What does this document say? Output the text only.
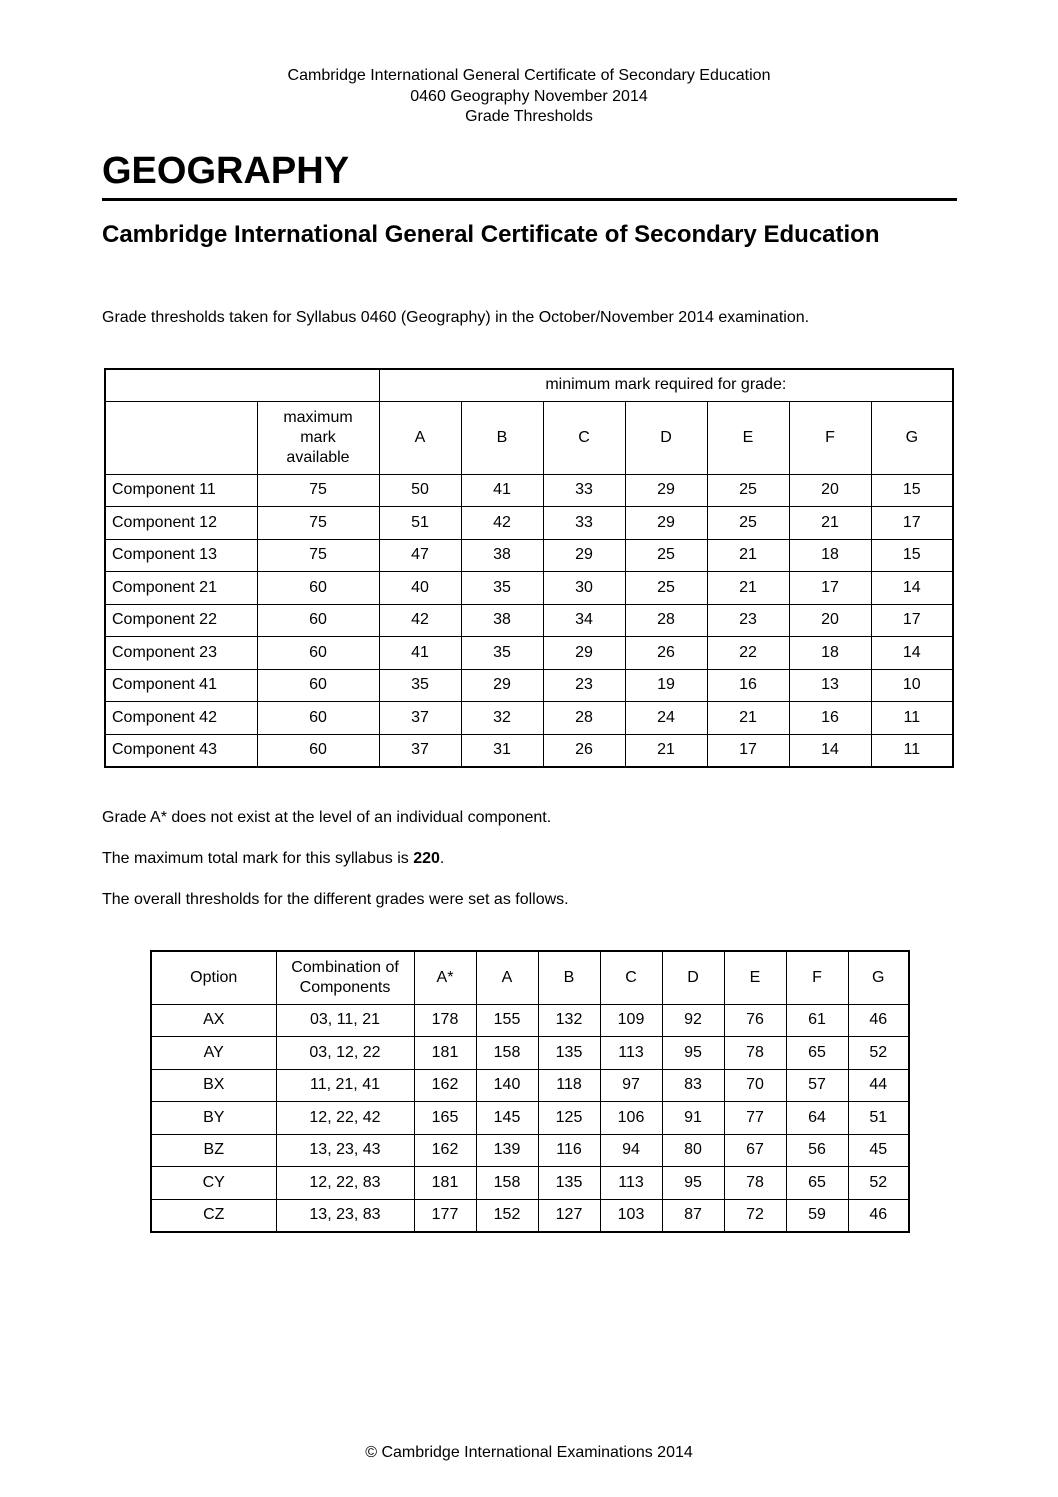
Cambridge International General Certificate of Secondary Education
0460 Geography November 2014
Grade Thresholds
GEOGRAPHY
Cambridge International General Certificate of Secondary Education

Grade thresholds taken for Syllabus 0460 (Geography) in the October/November 2014 examination.

		minimum mark required for grade:						
	maximum mark available	A	B	C	D	E	F	G
Component 11	75	50	41	33	29	25	20	15
Component 12	75	51	42	33	29	25	21	17
Component 13	75	47	38	29	25	21	18	15
Component 21	60	40	35	30	25	21	17	14
Component 22	60	42	38	34	28	23	20	17
Component 23	60	41	35	29	26	22	18	14
Component 41	60	35	29	23	19	16	13	10
Component 42	60	37	32	28	24	21	16	11
Component 43	60	37	31	26	21	17	14	11

Grade A* does not exist at the level of an individual component.

The maximum total mark for this syllabus is 220.

The overall thresholds for the different grades were set as follows.

Option	Combination of Components	A*	A	B	C	D	E	F	G
AX	03, 11, 21	178	155	132	109	92	76	61	46
AY	03, 12, 22	181	158	135	113	95	78	65	52
BX	11, 21, 41	162	140	118	97	83	70	57	44
BY	12, 22, 42	165	145	125	106	91	77	64	51
BZ	13, 23, 43	162	139	116	94	80	67	56	45
CY	12, 22, 83	181	158	135	113	95	78	65	52
CZ	13, 23, 83	177	152	127	103	87	72	59	46
© Cambridge International Examinations 2014
